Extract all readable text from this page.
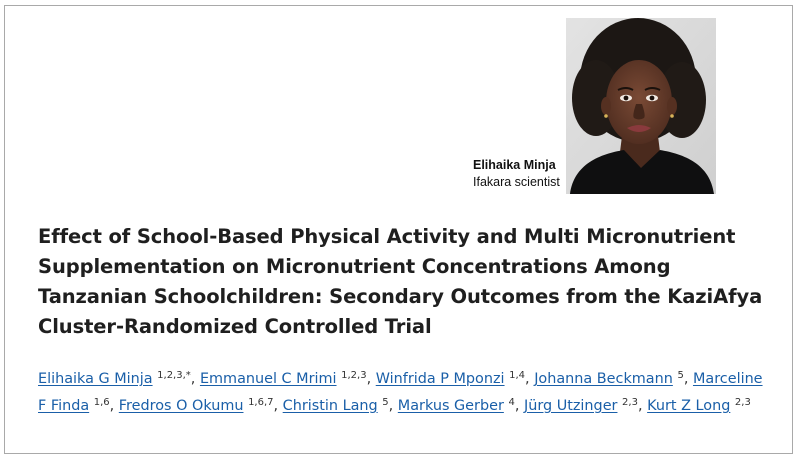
Elihaika Minja
Ifakara scientist
Effect of School-Based Physical Activity and Multi Micronutrient Supplementation on Micronutrient Concentrations Among Tanzanian Schoolchildren: Secondary Outcomes from the KaziAfya Cluster-Randomized Controlled Trial
Elihaika G Minja $^{1,2,3,*}$, Emmanuel C Mrimi $^{1,2,3}$, Winfrida P Mponzi $^{1,4}$, Johanna Beckmann $^5$, Marceline F Finda $^{1,6}$, Fredros O Okumu $^{1,6,7}$, Christin Lang $^5$, Markus Gerber $^4$, Jürg Utzinger $^{2,3}$, Kurt Z Long $^{2,3}$
